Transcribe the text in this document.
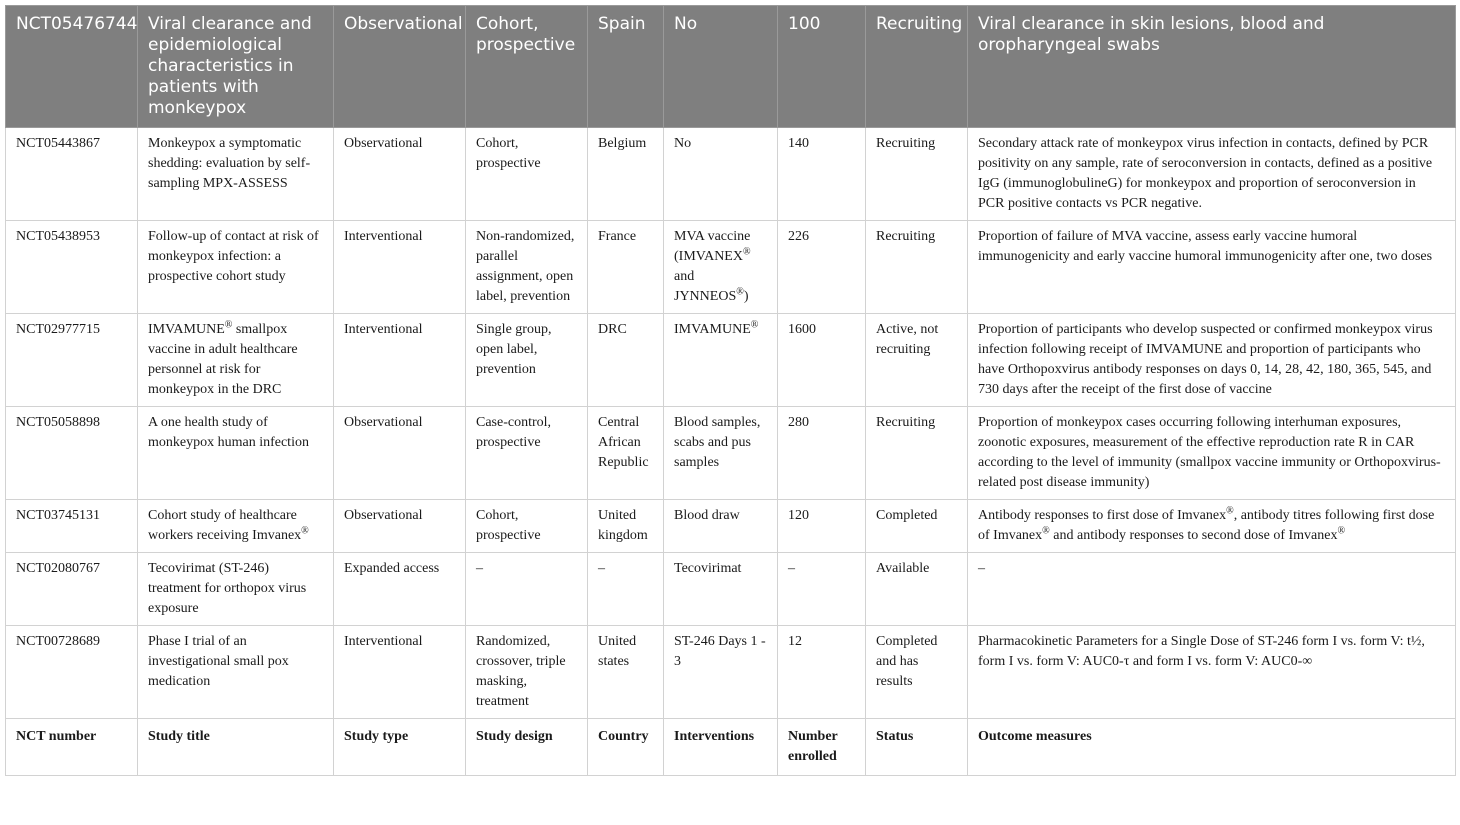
NCT05476744	Viral clearance and epidemiological characteristics in patients with monkeypox	Observational	Cohort, prospective	Spain	No	100	Recruiting	Viral clearance in skin lesions, blood and oropharyngeal swabs
NCT05443867	Monkeypox a symptomatic shedding: evaluation by self-sampling MPX-ASSESS	Observational	Cohort, prospective	Belgium	No	140	Recruiting	Secondary attack rate of monkeypox virus infection in contacts, defined by PCR positivity on any sample, rate of seroconversion in contacts, defined as a positive IgG (immunoglobulineG) for monkeypox and proportion of seroconversion in PCR positive contacts vs PCR negative.
NCT05438953	Follow-up of contact at risk of monkeypox infection: a prospective cohort study	Interventional	Non-randomized, parallel assignment, open label, prevention	France	MVA vaccine (IMVANEX® and JYNNEOS®)	226	Recruiting	Proportion of failure of MVA vaccine, assess early vaccine humoral immunogenicity and early vaccine humoral immunogenicity after one, two doses
NCT02977715	IMVAMUNE® smallpox vaccine in adult healthcare personnel at risk for monkeypox in the DRC	Interventional	Single group, open label, prevention	DRC	IMVAMUNE®	1600	Active, not recruiting	Proportion of participants who develop suspected or confirmed monkeypox virus infection following receipt of IMVAMUNE and proportion of participants who have Orthopoxvirus antibody responses on days 0, 14, 28, 42, 180, 365, 545, and 730 days after the receipt of the first dose of vaccine
NCT05058898	A one health study of monkeypox human infection	Observational	Case-control, prospective	Central African Republic	Blood samples, scabs and pus samples	280	Recruiting	Proportion of monkeypox cases occurring following interhuman exposures, zoonotic exposures, measurement of the effective reproduction rate R in CAR according to the level of immunity (smallpox vaccine immunity or Orthopoxvirus-related post disease immunity)
NCT03745131	Cohort study of healthcare workers receiving Imvanex®	Observational	Cohort, prospective	United kingdom	Blood draw	120	Completed	Antibody responses to first dose of Imvanex®, antibody titres following first dose of Imvanex® and antibody responses to second dose of Imvanex®
NCT02080767	Tecovirimat (ST-246) treatment for orthopox virus exposure	Expanded access	–	–	Tecovirimat	–	Available	–
NCT00728689	Phase I trial of an investigational small pox medication	Interventional	Randomized, crossover, triple masking, treatment	United states	ST-246 Days 1 - 3	12	Completed and has results	Pharmacokinetic Parameters for a Single Dose of ST-246 form I vs. form V: t½, form I vs. form V: AUC0-τ and form I vs. form V: AUC0-∞
NCT number	Study title	Study type	Study design	Country	Interventions	Number enrolled	Status	Outcome measures
